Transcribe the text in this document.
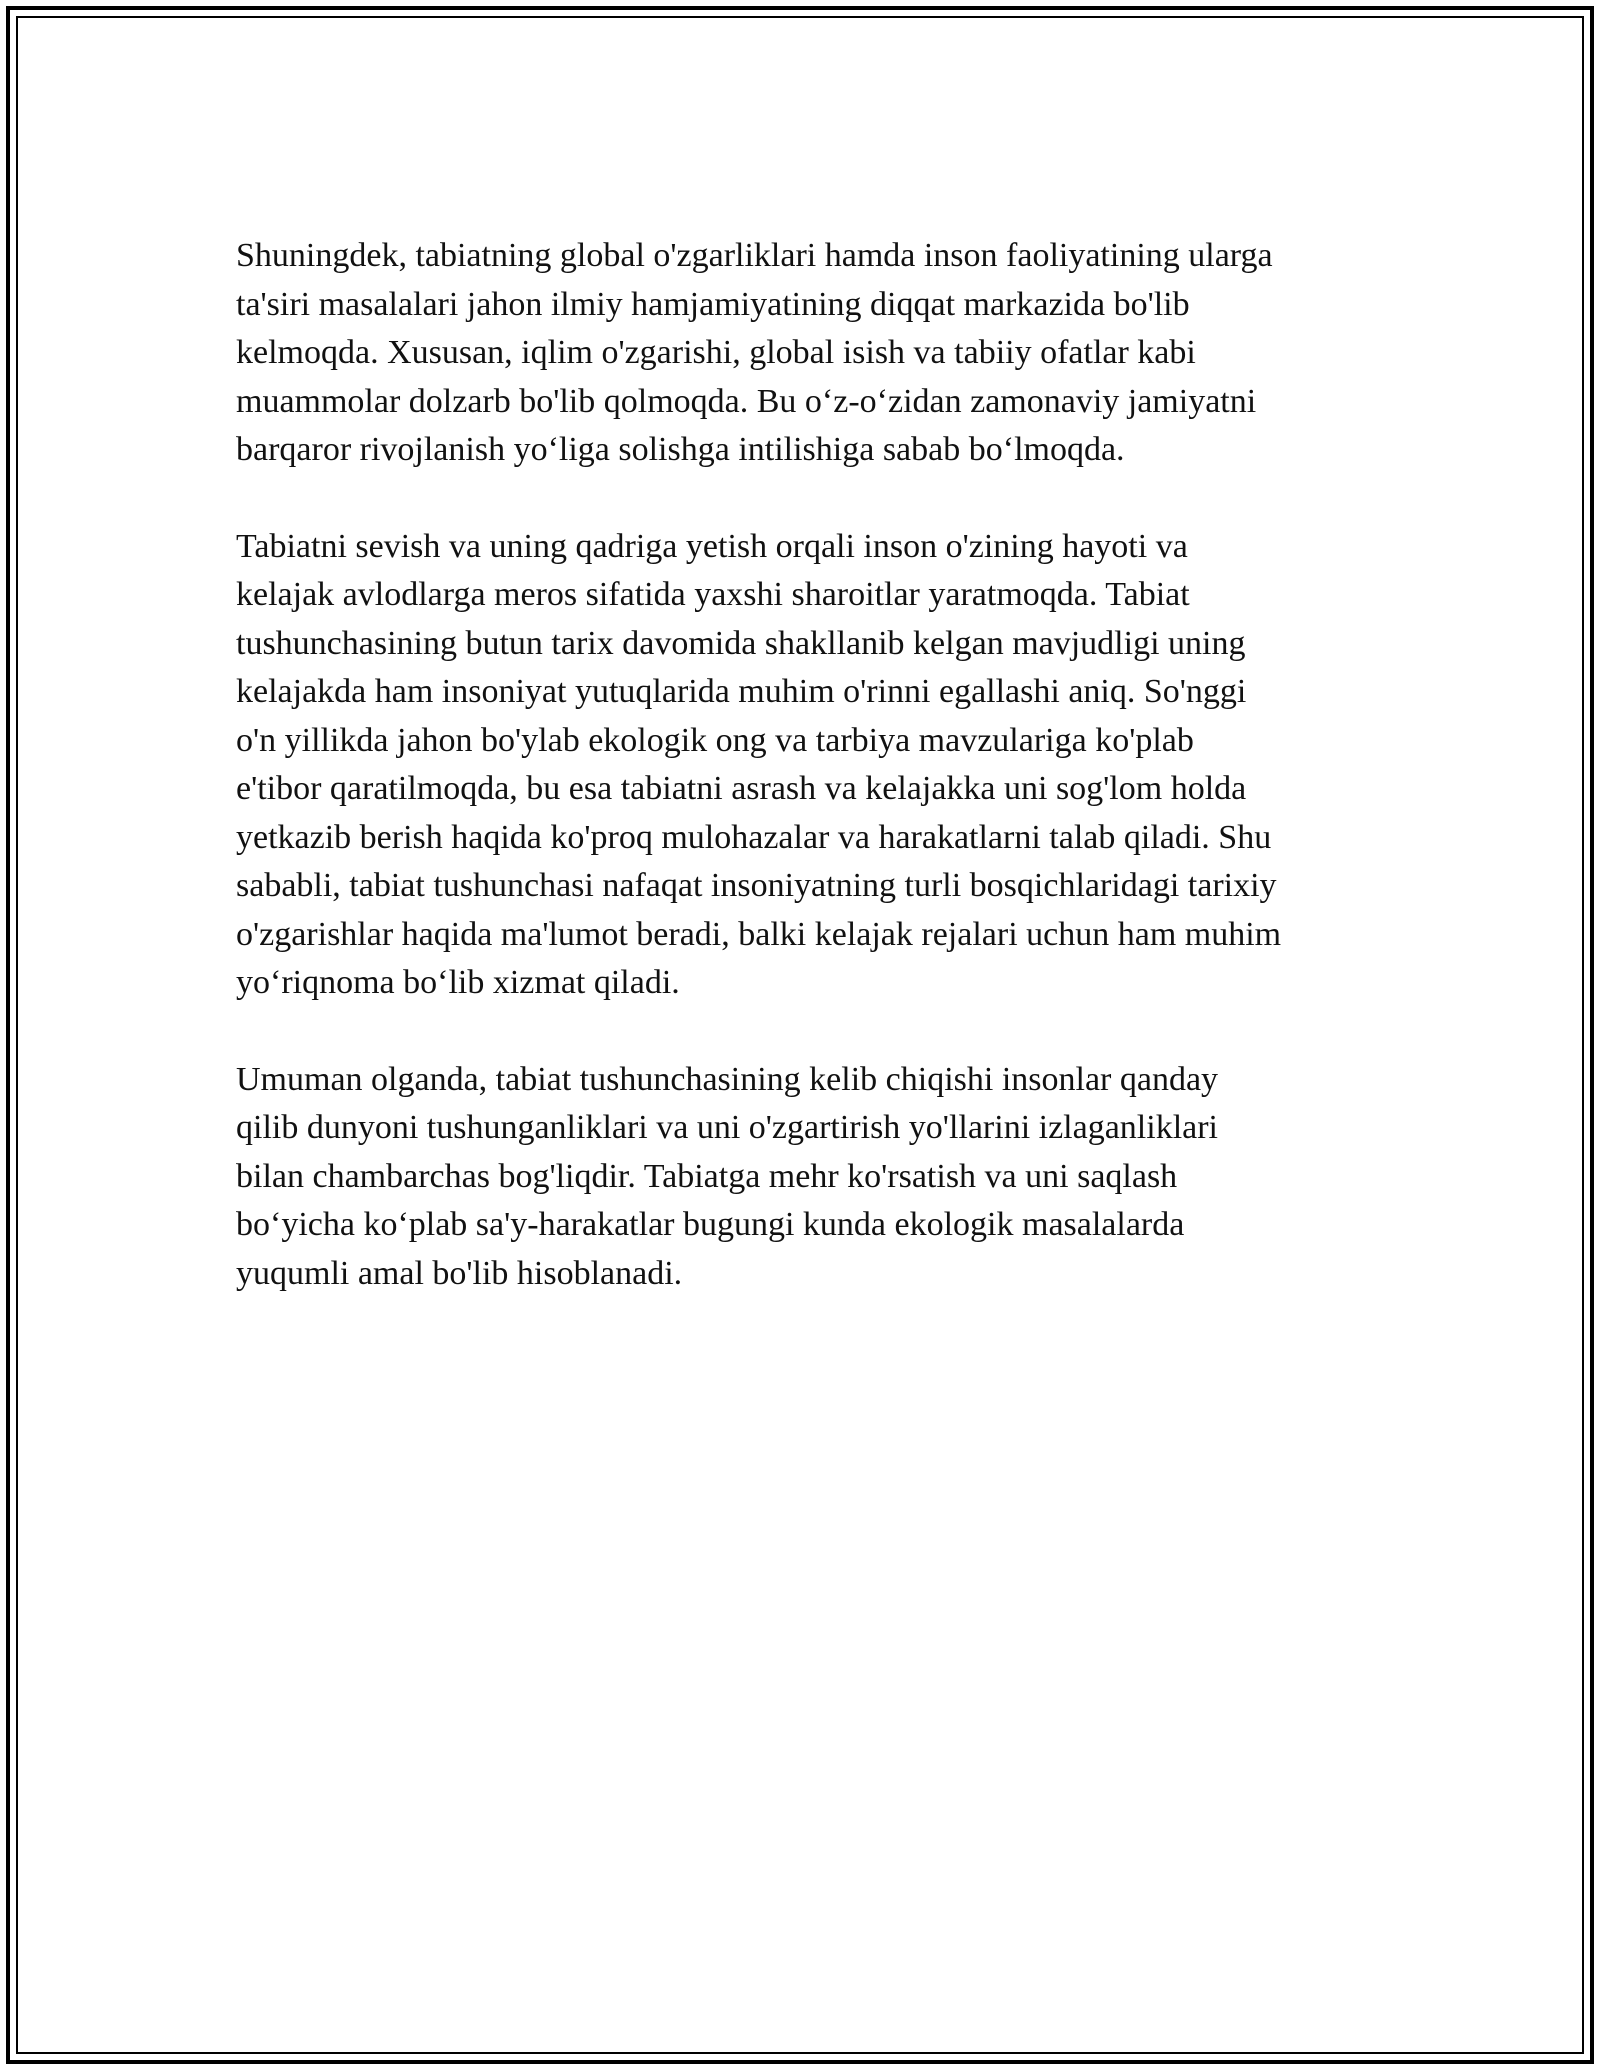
Shuningdek, tabiatning global o'zgarliklari hamda inson faoliyatining ularga
ta'siri masalalari jahon ilmiy hamjamiyatining diqqat markazida bo'lib
kelmoqda. Xususan, iqlim o'zgarishi, global isish va tabiiy ofatlar kabi
muammolar dolzarb bo'lib qolmoqda. Bu o‘z-o‘zidan zamonaviy jamiyatni
barqaror rivojlanish yo‘liga solishga intilishiga sabab bo‘lmoqda.

Tabiatni sevish va uning qadriga yetish orqali inson o'zining hayoti va
kelajak avlodlarga meros sifatida yaxshi sharoitlar yaratmoqda. Tabiat
tushunchasining butun tarix davomida shakllanib kelgan mavjudligi uning
kelajakda ham insoniyat yutuqlarida muhim o'rinni egallashi aniq. So'nggi
o'n yillikda jahon bo'ylab ekologik ong va tarbiya mavzulariga ko'plab
e'tibor qaratilmoqda, bu esa tabiatni asrash va kelajakka uni sog'lom holda
yetkazib berish haqida ko'proq mulohazalar va harakatlarni talab qiladi. Shu
sababli, tabiat tushunchasi nafaqat insoniyatning turli bosqichlaridagi tarixiy
o'zgarishlar haqida ma'lumot beradi, balki kelajak rejalari uchun ham muhim
yo‘riqnoma bo‘lib xizmat qiladi.

Umuman olganda, tabiat tushunchasining kelib chiqishi insonlar qanday
qilib dunyoni tushunganliklari va uni o'zgartirish yo'llarini izlaganliklari
bilan chambarchas bog'liqdir. Tabiatga mehr ko'rsatish va uni saqlash
bo‘yicha ko‘plab sa'y-harakatlar bugungi kunda ekologik masalalarda
yuqumli amal bo'lib hisoblanadi.
